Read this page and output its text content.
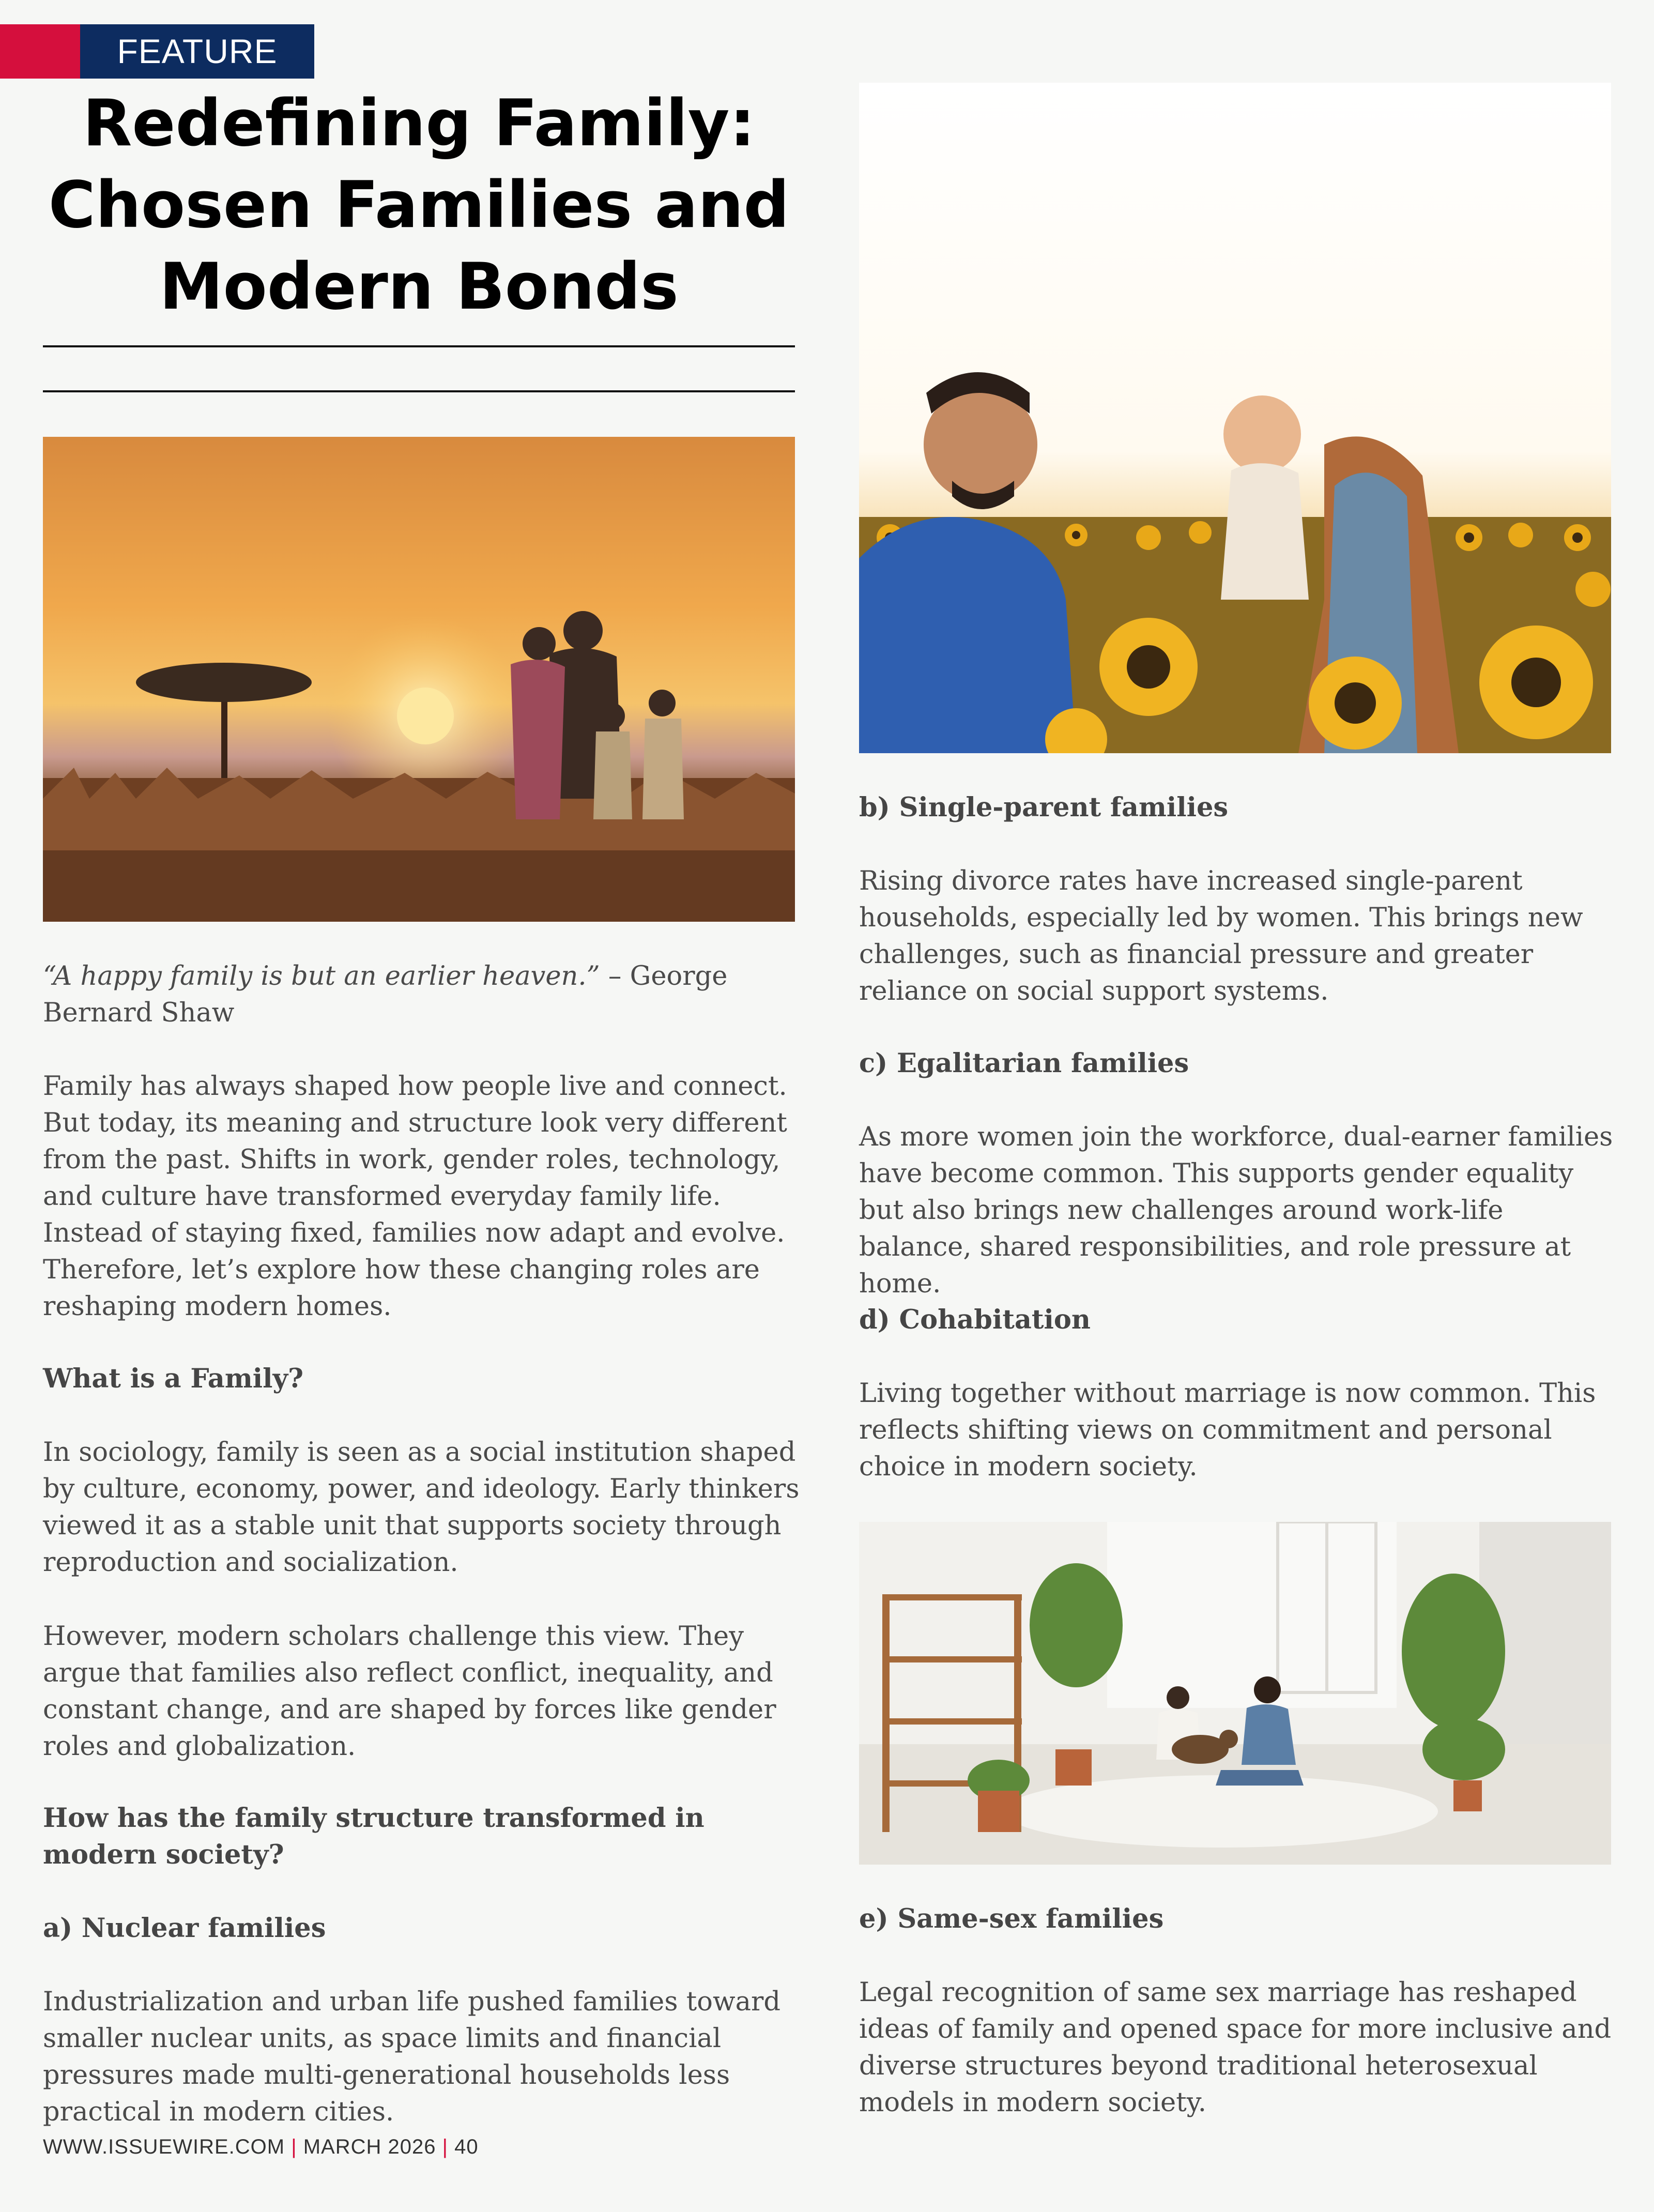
FEATURE
Redefining Family: Chosen Families and Modern Bonds

“A happy family is but an earlier heaven.” – George Bernard Shaw

Family has always shaped how people live and connect. But today, its meaning and structure look very different from the past. Shifts in work, gender roles, technology, and culture have transformed everyday family life. Instead of staying fixed, families now adapt and evolve. Therefore, let’s explore how these changing roles are reshaping modern homes.

What is a Family?

In sociology, family is seen as a social institution shaped by culture, economy, power, and ideology. Early thinkers viewed it as a stable unit that supports society through reproduction and socialization.

However, modern scholars challenge this view. They argue that families also reflect conflict, inequality, and constant change, and are shaped by forces like gender roles and globalization.

How has the family structure transformed in modern society?

a) Nuclear families

Industrialization and urban life pushed families toward smaller nuclear units, as space limits and financial pressures made multi-generational households less practical in modern cities.

b) Single-parent families

Rising divorce rates have increased single-parent households, especially led by women. This brings new challenges, such as financial pressure and greater reliance on social support systems.

c) Egalitarian families

As more women join the workforce, dual-earner families have become common. This supports gender equality but also brings new challenges around work-life balance, shared responsibilities, and role pressure at home.

d) Cohabitation

Living together without marriage is now common. This reflects shifting views on commitment and personal choice in modern society.

e) Same-sex families

Legal recognition of same sex marriage has reshaped ideas of family and opened space for more inclusive and diverse structures beyond traditional heterosexual models in modern society.

WWW.ISSUEWIRE.COM | MARCH 2026 | 40
